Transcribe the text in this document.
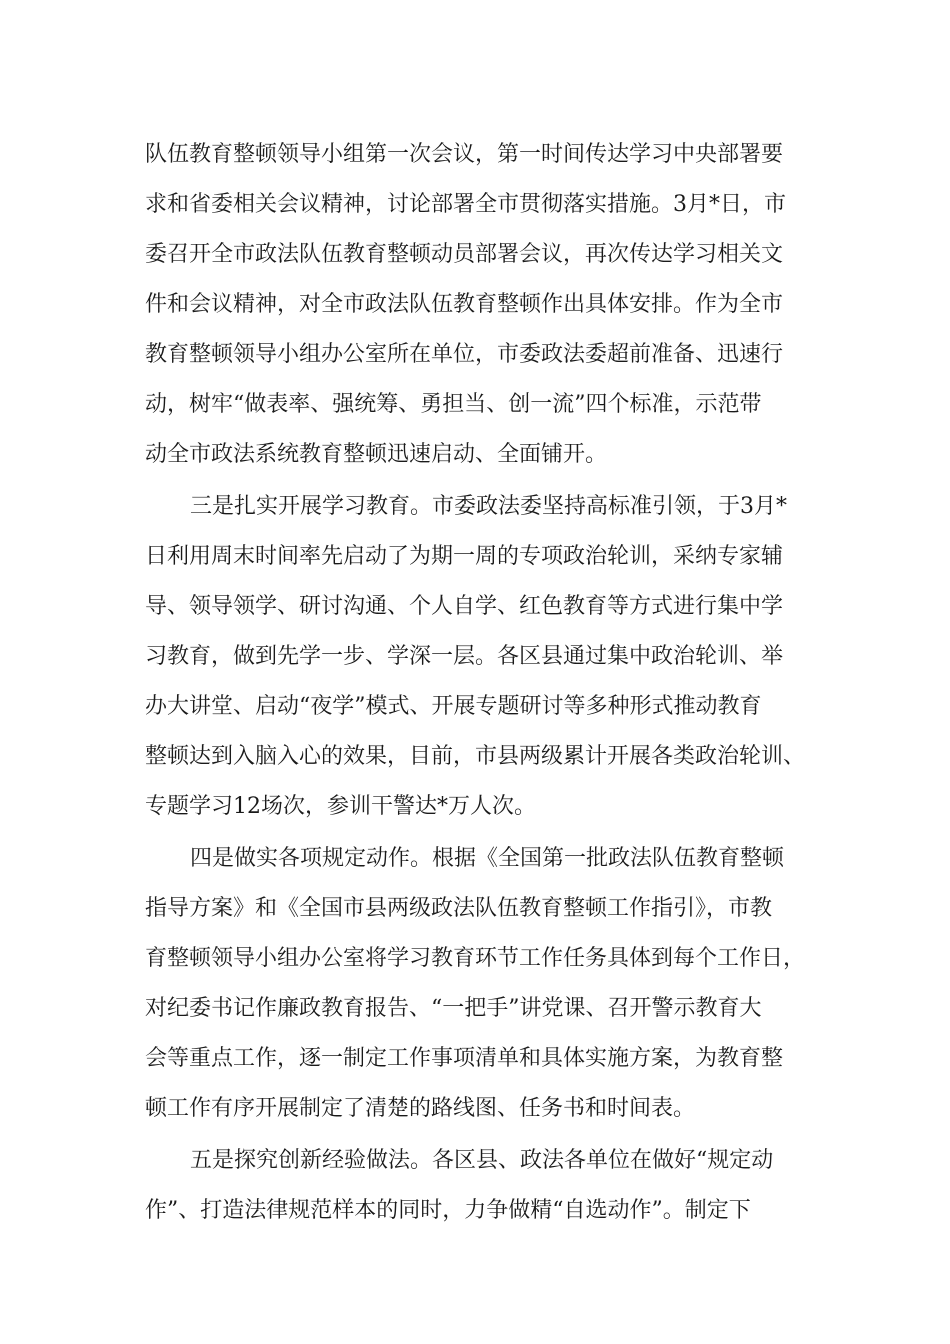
队伍教育整顿领导小组第一次会议，第一时间传达学习中央部署要
求和省委相关会议精神，讨论部署全市贯彻落实措施。3月*日，市
委召开全市政法队伍教育整顿动员部署会议，再次传达学习相关文
件和会议精神，对全市政法队伍教育整顿作出具体安排。作为全市
教育整顿领导小组办公室所在单位，市委政法委超前准备、迅速行
动，树牢“做表率、强统筹、勇担当、创一流”四个标准，示范带
动全市政法系统教育整顿迅速启动、全面铺开。
三是扎实开展学习教育。市委政法委坚持高标准引领，于3月*
日利用周末时间率先启动了为期一周的专项政治轮训，采纳专家辅
导、领导领学、研讨沟通、个人自学、红色教育等方式进行集中学
习教育，做到先学一步、学深一层。各区县通过集中政治轮训、举
办大讲堂、启动“夜学”模式、开展专题研讨等多种形式推动教育
整顿达到入脑入心的效果，目前，市县两级累计开展各类政治轮训、
专题学习12场次，参训干警达*万人次。
四是做实各项规定动作。根据《全国第一批政法队伍教育整顿
指导方案》和《全国市县两级政法队伍教育整顿工作指引》，市教
育整顿领导小组办公室将学习教育环节工作任务具体到每个工作日，
对纪委书记作廉政教育报告、“一把手”讲党课、召开警示教育大
会等重点工作，逐一制定工作事项清单和具体实施方案，为教育整
顿工作有序开展制定了清楚的路线图、任务书和时间表。
五是探究创新经验做法。各区县、政法各单位在做好“规定动
作”、打造法律规范样本的同时，力争做精“自选动作”。制定下
